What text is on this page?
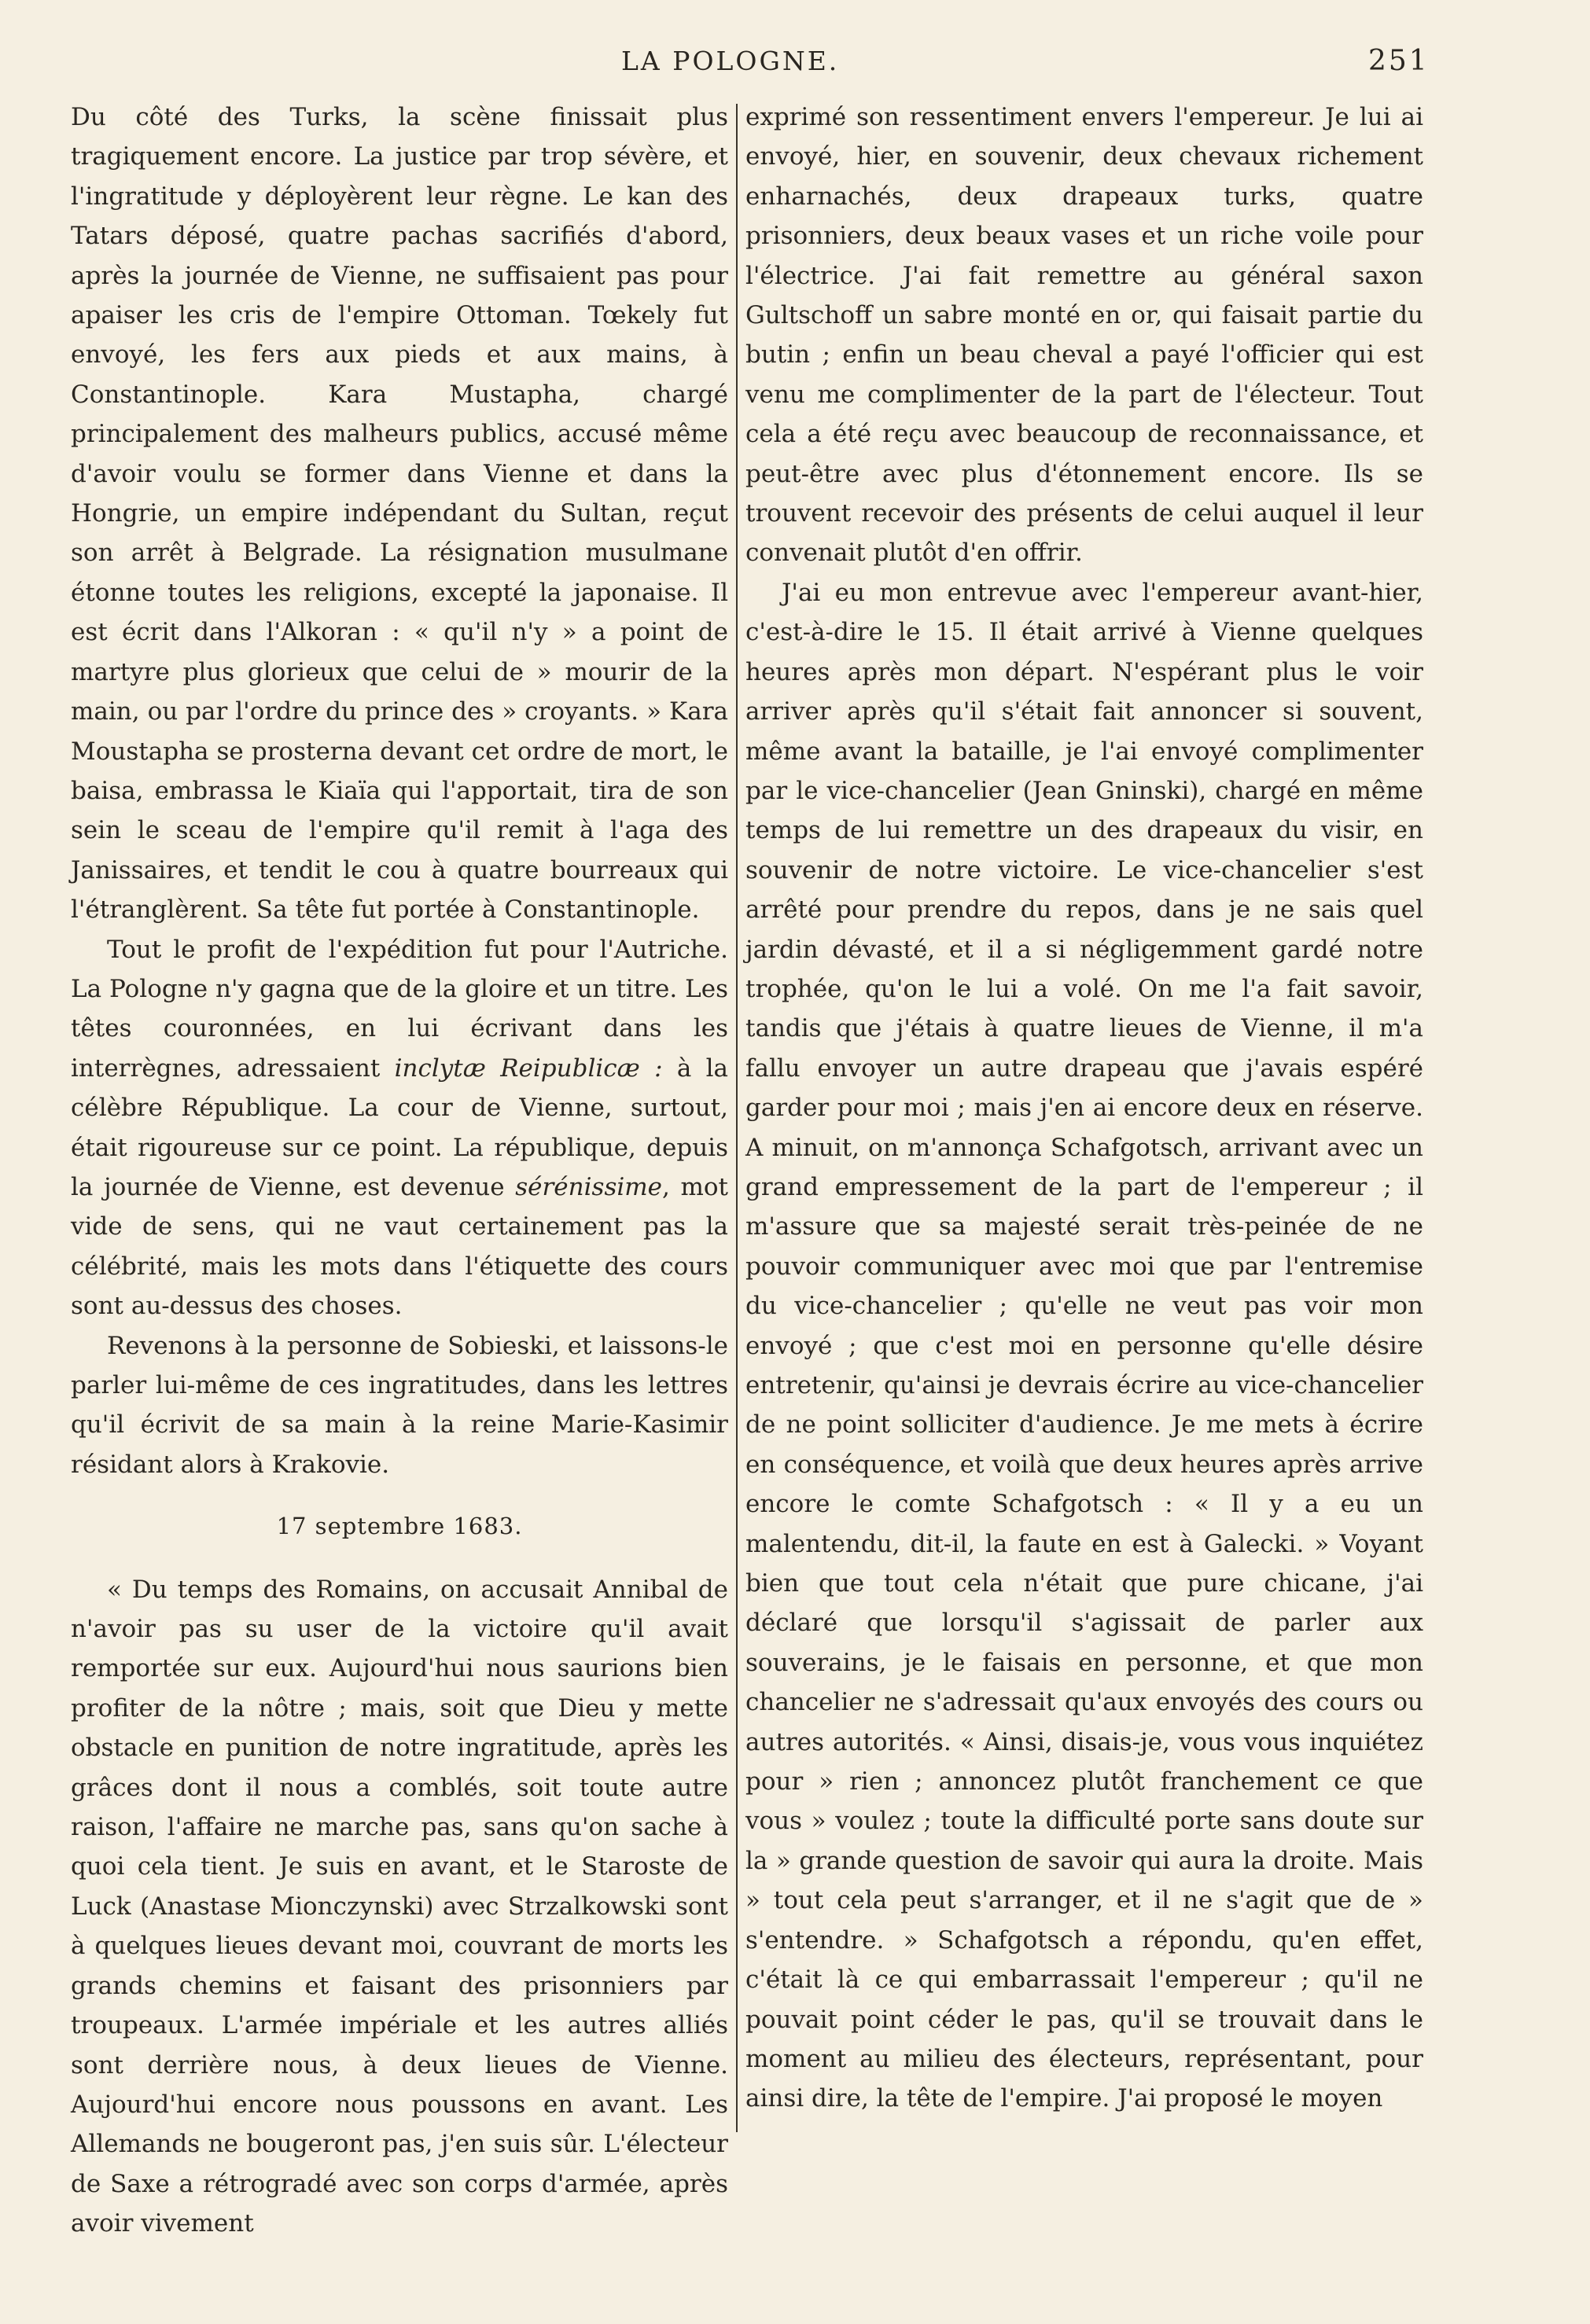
LA POLOGNE.	251

Du côté des Turks, la scène finissait plus tragiquement encore. La justice par trop sévère, et l'ingratitude y déployèrent leur règne. Le kan des Tatars déposé, quatre pachas sacrifiés d'abord, après la journée de Vienne, ne suffisaient pas pour apaiser les cris de l'empire Ottoman. Tœkely fut envoyé, les fers aux pieds et aux mains, à Constantinople. Kara Mustapha, chargé principalement des malheurs publics, accusé même d'avoir voulu se former dans Vienne et dans la Hongrie, un empire indépendant du Sultan, reçut son arrêt à Belgrade. La résignation musulmane étonne toutes les religions, excepté la japonaise. Il est écrit dans l'Alkoran : « qu'il n'y » a point de martyre plus glorieux que celui de » mourir de la main, ou par l'ordre du prince des » croyants. » Kara Moustapha se prosterna devant cet ordre de mort, le baisa, embrassa le Kiaïa qui l'apportait, tira de son sein le sceau de l'empire qu'il remit à l'aga des Janissaires, et tendit le cou à quatre bourreaux qui l'étranglèrent. Sa tête fut portée à Constantinople.

Tout le profit de l'expédition fut pour l'Autriche. La Pologne n'y gagna que de la gloire et un titre. Les têtes couronnées, en lui écrivant dans les interrègnes, adressaient inclytæ Reipublicæ : à la célèbre République. La cour de Vienne, surtout, était rigoureuse sur ce point. La république, depuis la journée de Vienne, est devenue sérénissime, mot vide de sens, qui ne vaut certainement pas la célébrité, mais les mots dans l'étiquette des cours sont au-dessus des choses.

Revenons à la personne de Sobieski, et laissons-le parler lui-même de ces ingratitudes, dans les lettres qu'il écrivit de sa main à la reine Marie-Kasimir résidant alors à Krakovie.

17 septembre 1683.

« Du temps des Romains, on accusait Annibal de n'avoir pas su user de la victoire qu'il avait remportée sur eux. Aujourd'hui nous saurions bien profiter de la nôtre ; mais, soit que Dieu y mette obstacle en punition de notre ingratitude, après les grâces dont il nous a comblés, soit toute autre raison, l'affaire ne marche pas, sans qu'on sache à quoi cela tient. Je suis en avant, et le Staroste de Luck (Anastase Mionczynski) avec Strzalkowski sont à quelques lieues devant moi, couvrant de morts les grands chemins et faisant des prisonniers par troupeaux. L'armée impériale et les autres alliés sont derrière nous, à deux lieues de Vienne. Aujourd'hui encore nous poussons en avant. Les Allemands ne bougeront pas, j'en suis sûr. L'électeur de Saxe a rétrogradé avec son corps d'armée, après avoir vivement

exprimé son ressentiment envers l'empereur. Je lui ai envoyé, hier, en souvenir, deux chevaux richement enharnachés, deux drapeaux turks, quatre prisonniers, deux beaux vases et un riche voile pour l'électrice. J'ai fait remettre au général saxon Gultschoff un sabre monté en or, qui faisait partie du butin ; enfin un beau cheval a payé l'officier qui est venu me complimenter de la part de l'électeur. Tout cela a été reçu avec beaucoup de reconnaissance, et peut-être avec plus d'étonnement encore. Ils se trouvent recevoir des présents de celui auquel il leur convenait plutôt d'en offrir.

J'ai eu mon entrevue avec l'empereur avant-hier, c'est-à-dire le 15. Il était arrivé à Vienne quelques heures après mon départ. N'espérant plus le voir arriver après qu'il s'était fait annoncer si souvent, même avant la bataille, je l'ai envoyé complimenter par le vice-chancelier (Jean Gninski), chargé en même temps de lui remettre un des drapeaux du visir, en souvenir de notre victoire. Le vice-chancelier s'est arrêté pour prendre du repos, dans je ne sais quel jardin dévasté, et il a si négligemment gardé notre trophée, qu'on le lui a volé. On me l'a fait savoir, tandis que j'étais à quatre lieues de Vienne, il m'a fallu envoyer un autre drapeau que j'avais espéré garder pour moi ; mais j'en ai encore deux en réserve. A minuit, on m'annonça Schafgotsch, arrivant avec un grand empressement de la part de l'empereur ; il m'assure que sa majesté serait très-peinée de ne pouvoir communiquer avec moi que par l'entremise du vice-chancelier ; qu'elle ne veut pas voir mon envoyé ; que c'est moi en personne qu'elle désire entretenir, qu'ainsi je devrais écrire au vice-chancelier de ne point solliciter d'audience. Je me mets à écrire en conséquence, et voilà que deux heures après arrive encore le comte Schafgotsch : « Il y a eu un malentendu, dit-il, la faute en est à Galecki. » Voyant bien que tout cela n'était que pure chicane, j'ai déclaré que lorsqu'il s'agissait de parler aux souverains, je le faisais en personne, et que mon chancelier ne s'adressait qu'aux envoyés des cours ou autres autorités. « Ainsi, disais-je, vous vous inquiétez pour » rien ; annoncez plutôt franchement ce que vous » voulez ; toute la difficulté porte sans doute sur la » grande question de savoir qui aura la droite. Mais » tout cela peut s'arranger, et il ne s'agit que de » s'entendre. » Schafgotsch a répondu, qu'en effet, c'était là ce qui embarrassait l'empereur ; qu'il ne pouvait point céder le pas, qu'il se trouvait dans le moment au milieu des électeurs, représentant, pour ainsi dire, la tête de l'empire. J'ai proposé le moyen
